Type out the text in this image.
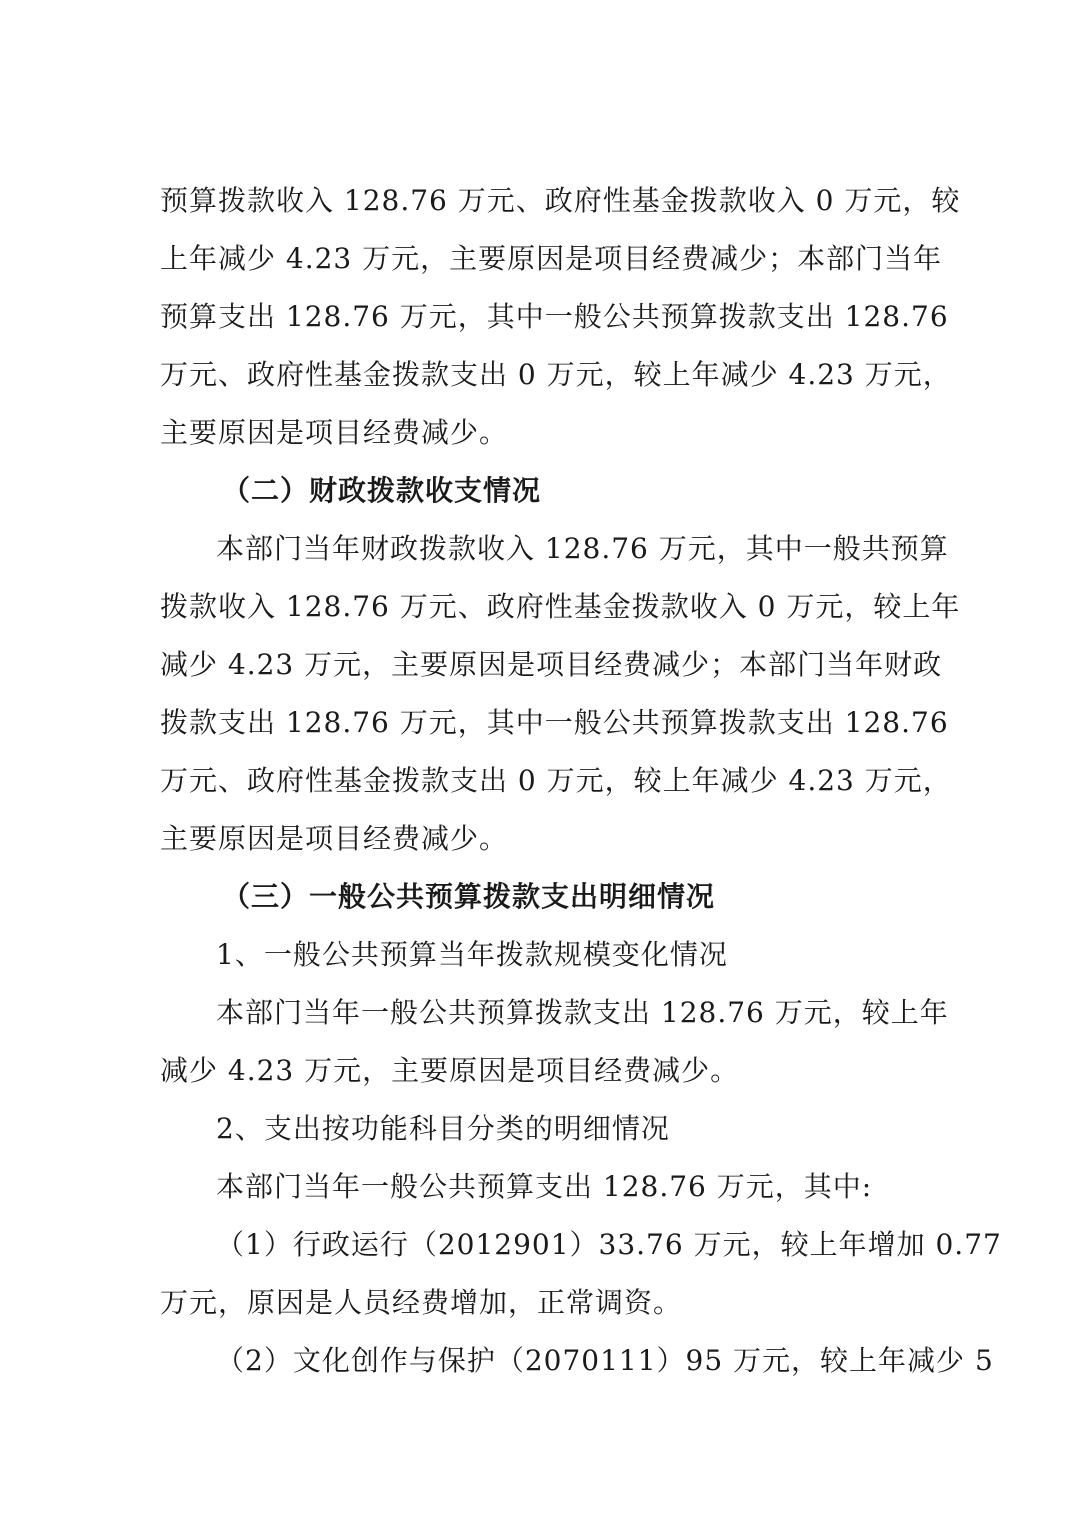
预算拨款收入 128.76 万元、政府性基金拨款收入 0 万元，较
上年减少 4.23 万元，主要原因是项目经费减少；本部门当年
预算支出 128.76 万元，其中一般公共预算拨款支出 128.76
万元、政府性基金拨款支出 0 万元，较上年减少 4.23 万元，
主要原因是项目经费减少。
（二）财政拨款收支情况
本部门当年财政拨款收入 128.76 万元，其中一般共预算
拨款收入 128.76 万元、政府性基金拨款收入 0 万元，较上年
减少 4.23 万元，主要原因是项目经费减少；本部门当年财政
拨款支出 128.76 万元，其中一般公共预算拨款支出 128.76
万元、政府性基金拨款支出 0 万元，较上年减少 4.23 万元，
主要原因是项目经费减少。
（三）一般公共预算拨款支出明细情况
1、一般公共预算当年拨款规模变化情况
本部门当年一般公共预算拨款支出 128.76 万元，较上年
减少 4.23 万元，主要原因是项目经费减少。
2、支出按功能科目分类的明细情况
本部门当年一般公共预算支出 128.76 万元，其中:
（1）行政运行（2012901）33.76 万元，较上年增加 0.77
万元，原因是人员经费增加，正常调资。
（2）文化创作与保护（2070111）95 万元，较上年减少 5
